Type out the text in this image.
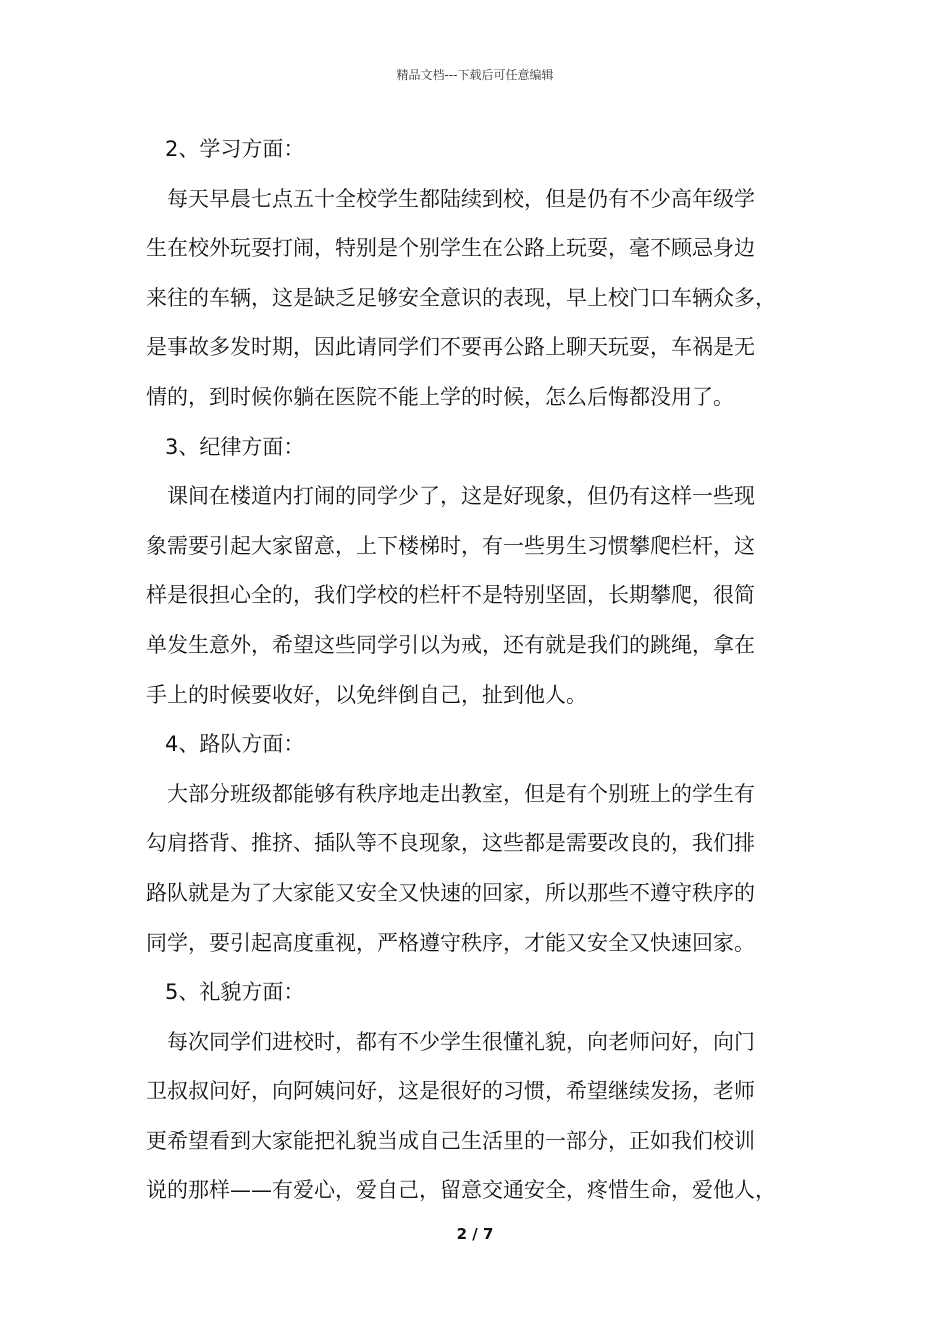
精品文档---下载后可任意编辑
2、学习方面：
每天早晨七点五十全校学生都陆续到校，但是仍有不少高年级学
生在校外玩耍打闹，特别是个别学生在公路上玩耍，毫不顾忌身边
来往的车辆，这是缺乏足够安全意识的表现，早上校门口车辆众多，
是事故多发时期，因此请同学们不要再公路上聊天玩耍，车祸是无
情的，到时候你躺在医院不能上学的时候，怎么后悔都没用了。
3、纪律方面：
课间在楼道内打闹的同学少了，这是好现象，但仍有这样一些现
象需要引起大家留意，上下楼梯时，有一些男生习惯攀爬栏杆，这
样是很担心全的，我们学校的栏杆不是特别坚固，长期攀爬，很简
单发生意外，希望这些同学引以为戒，还有就是我们的跳绳，拿在
手上的时候要收好，以免绊倒自己，扯到他人。
4、路队方面：
大部分班级都能够有秩序地走出教室，但是有个别班上的学生有
勾肩搭背、推挤、插队等不良现象，这些都是需要改良的，我们排
路队就是为了大家能又安全又快速的回家，所以那些不遵守秩序的
同学，要引起高度重视，严格遵守秩序，才能又安全又快速回家。
5、礼貌方面：
每次同学们进校时，都有不少学生很懂礼貌，向老师问好，向门
卫叔叔问好，向阿姨问好，这是很好的习惯，希望继续发扬，老师
更希望看到大家能把礼貌当成自己生活里的一部分，正如我们校训
说的那样——有爱心，爱自己，留意交通安全，疼惜生命，爱他人，
2 / 7
